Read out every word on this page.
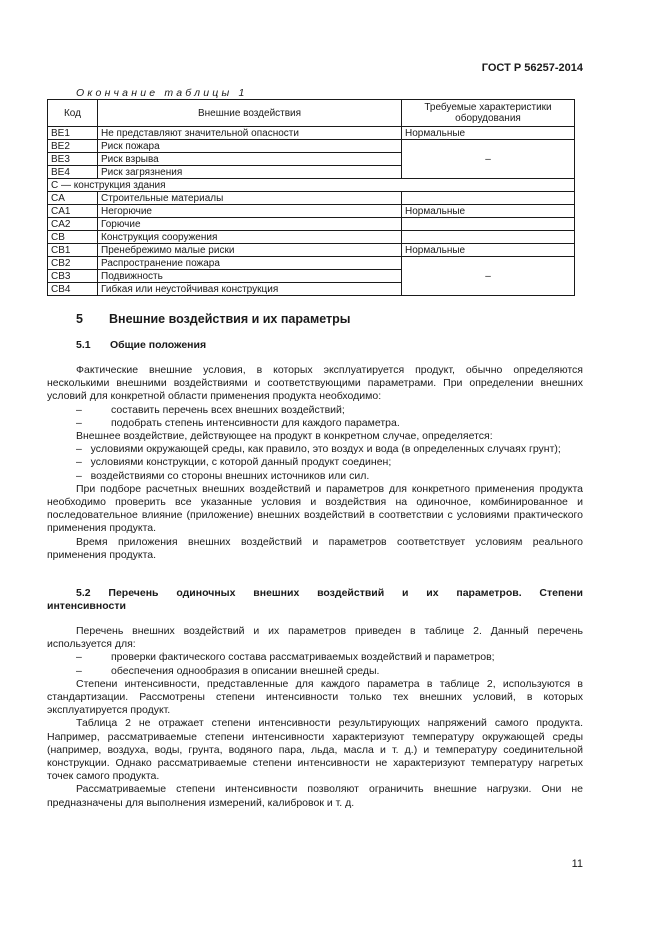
ГОСТ Р 56257-2014
Окончание таблицы 1
Код	Внешние воздействия	Требуемые характеристики оборудования
BE1	Не представляют значительной опасности	Нормальные
BE2	Риск пожара	–
BE3	Риск взрыва	
BE4	Риск загрязнения	
C — конструкция здания		
CA	Строительные материалы	
CA1	Негорючие	Нормальные
CA2	Горючие	
CB	Конструкция сооружения	
CB1	Пренебрежимо малые риски	Нормальные
CB2	Распространение пожара	–
CB3	Подвижность	
CB4	Гибкая или неустойчивая конструкция	
5 Внешние воздействия и их параметры
5.1 Общие положения

Фактические внешние условия, в которых эксплуатируется продукт, обычно определяются несколькими внешними воздействиями и соответствующими параметрами. При определении внешних условий для конкретной области применения продукта необходимо:

–	составить перечень всех внешних воздействий;
–	подобрать степень интенсивности для каждого параметра.

Внешнее воздействие, действующее на продукт в конкретном случае, определяется:

– условиями окружающей среды, как правило, это воздух и вода (в определенных случаях грунт);
– условиями конструкции, с которой данный продукт соединен;
– воздействиями со стороны внешних источников или сил.

При подборе расчетных внешних воздействий и параметров для конкретного применения продукта необходимо проверить все указанные условия и воздействия на одиночное, комбинированное и последовательное влияние (приложение) внешних воздействий в соответствии с условиями практического применения продукта.

Время приложения внешних воздействий и параметров соответствует условиям реального применения продукта.

5.2 Перечень одиночных внешних воздействий и их параметров. Степени
интенсивности

Перечень внешних воздействий и их параметров приведен в таблице 2. Данный перечень используется для:

–	проверки фактического состава рассматриваемых воздействий и параметров;
–	обеспечения однообразия в описании внешней среды.

Степени интенсивности, представленные для каждого параметра в таблице 2, используются в стандартизации. Рассмотрены степени интенсивности только тех внешних условий, в которых эксплуатируется продукт.

Таблица 2 не отражает степени интенсивности результирующих напряжений самого продукта. Например, рассматриваемые степени интенсивности характеризуют температуру окружающей среды (например, воздуха, воды, грунта, водяного пара, льда, масла и т. д.) и температуру соединительной конструкции. Однако рассматриваемые степени интенсивности не характеризуют температуру нагретых точек самого продукта.

Рассматриваемые степени интенсивности позволяют ограничить внешние нагрузки. Они не предназначены для выполнения измерений, калибровок и т. д.

11
